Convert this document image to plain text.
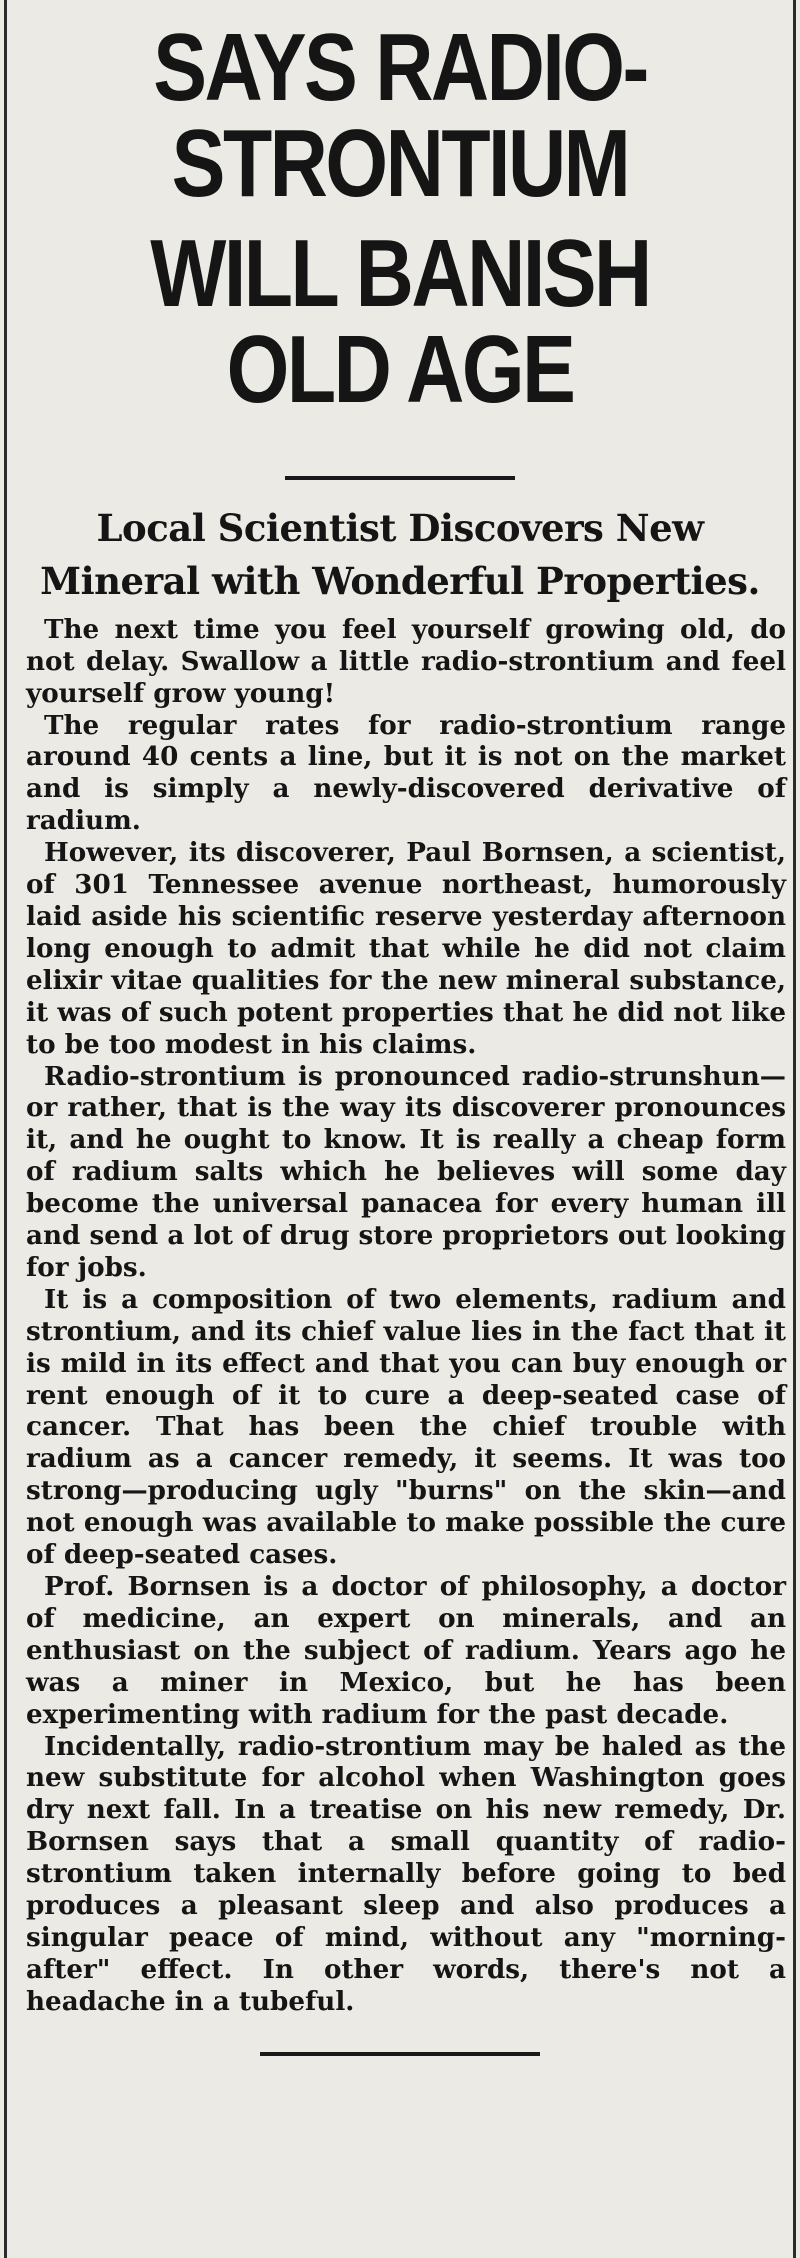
SAYS RADIO-STRONTIUM
WILL BANISH OLD AGE
Local Scientist Discovers New Mineral with Wonderful Properties.

The next time you feel yourself growing old, do not delay. Swallow a little radio-strontium and feel yourself grow young!

The regular rates for radio-strontium range around 40 cents a line, but it is not on the market and is simply a newly-discovered derivative of radium.

However, its discoverer, Paul Bornsen, a scientist, of 301 Tennessee avenue northeast, humorously laid aside his scientific reserve yesterday afternoon long enough to admit that while he did not claim elixir vitae qualities for the new mineral substance, it was of such potent properties that he did not like to be too modest in his claims.

Radio-strontium is pronounced radio-strunshun—or rather, that is the way its discoverer pronounces it, and he ought to know. It is really a cheap form of radium salts which he believes will some day become the universal panacea for every human ill and send a lot of drug store proprietors out looking for jobs.

It is a composition of two elements, radium and strontium, and its chief value lies in the fact that it is mild in its effect and that you can buy enough or rent enough of it to cure a deep-seated case of cancer. That has been the chief trouble with radium as a cancer remedy, it seems. It was too strong—producing ugly "burns" on the skin—and not enough was available to make possible the cure of deep-seated cases.

Prof. Bornsen is a doctor of philosophy, a doctor of medicine, an expert on minerals, and an enthusiast on the subject of radium. Years ago he was a miner in Mexico, but he has been experimenting with radium for the past decade.

Incidentally, radio-strontium may be haled as the new substitute for alcohol when Washington goes dry next fall. In a treatise on his new remedy, Dr. Bornsen says that a small quantity of radio-strontium taken internally before going to bed produces a pleasant sleep and also produces a singular peace of mind, without any "morning-after" effect. In other words, there's not a headache in a tubeful.
